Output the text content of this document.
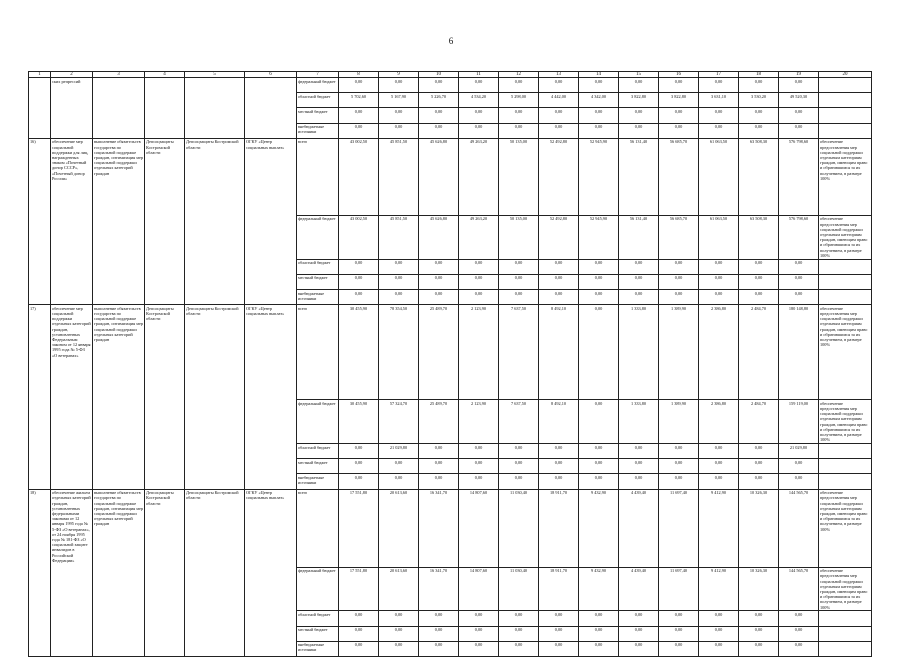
6
1	2	3	4	5	6	7	8	9	10	11	12	13	14	15	16	17	18	19	20
	ских репрессий					федеральный бюджет	0,00	0,00	0,00	0,00	0,00	0,00	0,00	0,00	0,00	0,00	0,00	0,00	
						областной бюджет	5 702,60	5 167,90	5 226,70	4 534,20	5 298,00	4 442,00	4 342,00	3 822,80	3 822,80	3 631,10	3 530,20	49 520,30	
						местный бюджет	0,00	0,00	0,00	0,00	0,00	0,00	0,00	0,00	0,00	0,00	0,00	0,00	
						внебюджетные источники	0,00	0,00	0,00	0,00	0,00	0,00	0,00	0,00	0,00	0,00	0,00	0,00	
16)	обеспечение мер социальной поддержки для лиц, награжденных знаком «Почетный донор СССР», «Почетный донор России»	выполнение обязательств государства по социальной поддержке граждан, оптимизация мер социальной поддержки отдельных категорий граждан	Депсоцзащиты Костромской области	Депсоцзащиты Костромской области	ОГКУ «Центр социальных выплат»	всего	43 002,50	45 851,50	45 626,80	49 263,20	50 135,00	52 492,80	52 945,90	56 131,40	56 685,70	61 063,50	63 508,30	576 798,60	обеспечение предоставления мер социальной поддержки отдельным категориям граждан, имеющим право и обратившимся за их получением, в размере 100%
						федеральный бюджет	43 002,50	45 851,50	45 626,80	49 263,20	50 135,00	52 492,80	52 945,90	56 131,40	56 685,70	61 063,50	63 508,30	576 798,60	обеспечение предоставления мер социальной поддержки отдельным категориям граждан, имеющим право и обратившимся за их получением, в размере 100%
						областной бюджет	0,00	0,00	0,00	0,00	0,00	0,00	0,00	0,00	0,00	0,00	0,00	0,00	
						местный бюджет	0,00	0,00	0,00	0,00	0,00	0,00	0,00	0,00	0,00	0,00	0,00	0,00	
						внебюджетные источники	0,00	0,00	0,00	0,00	0,00	0,00	0,00	0,00	0,00	0,00	0,00	0,00	
17)	обеспечение мер социальной поддержки отдельных категорий граждан, установленных Федеральным законом от 12 января 1995 года № 5-ФЗ «О ветеранах»	выполнение обязательств государства по социальной поддержке граждан, оптимизация мер социальной поддержки отдельных категорий граждан	Депсоцзащиты Костромской области	Депсоцзащиты Костромской области	ОГКУ «Центр социальных выплат»	всего	30 455,90	78 354,50	25 489,70	2 123,90	7 637,50	8 492,10	0,00	1 333,80	1 389,90	2 386,80	2 484,70	180 148,80	обеспечение предоставления мер социальной поддержки отдельным категориям граждан, имеющим право и обратившимся за их получением, в размере 100%
						федеральный бюджет	30 455,90	57 324,70	25 489,70	2 123,90	7 637,50	8 492,10	0,00	1 333,80	1 389,90	2 386,80	2 484,70	159 119,00	обеспечение предоставления мер социальной поддержки отдельным категориям граждан, имеющим право и обратившимся за их получением, в размере 100%
						областной бюджет	0,00	21 029,80	0,00	0,00	0,00	0,00	0,00	0,00	0,00	0,00	0,00	21 029,80	
						местный бюджет	0,00	0,00	0,00	0,00	0,00	0,00	0,00	0,00	0,00	0,00	0,00	0,00	
						внебюджетные источники	0,00	0,00	0,00	0,00	0,00	0,00	0,00	0,00	0,00	0,00	0,00	0,00	
18)	обеспечение жильем отдельных категорий граждан, установленных федеральными законами от 12 января 1995 года № 5-ФЗ «О ветеранах», от 24 ноября 1995 года № 181-ФЗ «О социальной защите инвалидов в Российской Федерации»	выполнение обязательств государства по социальной поддержке граждан, оптимизация мер социальной поддержки отдельных категорий граждан	Депсоцзащиты Костромской области	Депсоцзащиты Костромской области	ОГКУ «Центр социальных выплат»	всего	17 551,80	20 613,60	16 341,70	14 807,60	11 030,40	18 911,70	9 432,90	4 439,40	11 697,40	9 412,90	10 326,30	144 565,70	обеспечение предоставления мер социальной поддержки отдельным категориям граждан, имеющим право и обратившимся за их получением, в размере 100%
						федеральный бюджет	17 551,80	20 613,60	16 341,70	14 807,60	11 030,40	18 911,70	9 432,90	4 439,40	11 697,40	9 412,90	10 326,30	144 565,70	обеспечение предоставления мер социальной поддержки отдельным категориям граждан, имеющим право и обратившимся за их получением, в размере 100%
						областной бюджет	0,00	0,00	0,00	0,00	0,00	0,00	0,00	0,00	0,00	0,00	0,00	0,00	
						местный бюджет	0,00	0,00	0,00	0,00	0,00	0,00	0,00	0,00	0,00	0,00	0,00	0,00	
						внебюджетные источники	0,00	0,00	0,00	0,00	0,00	0,00	0,00	0,00	0,00	0,00	0,00	0,00	
